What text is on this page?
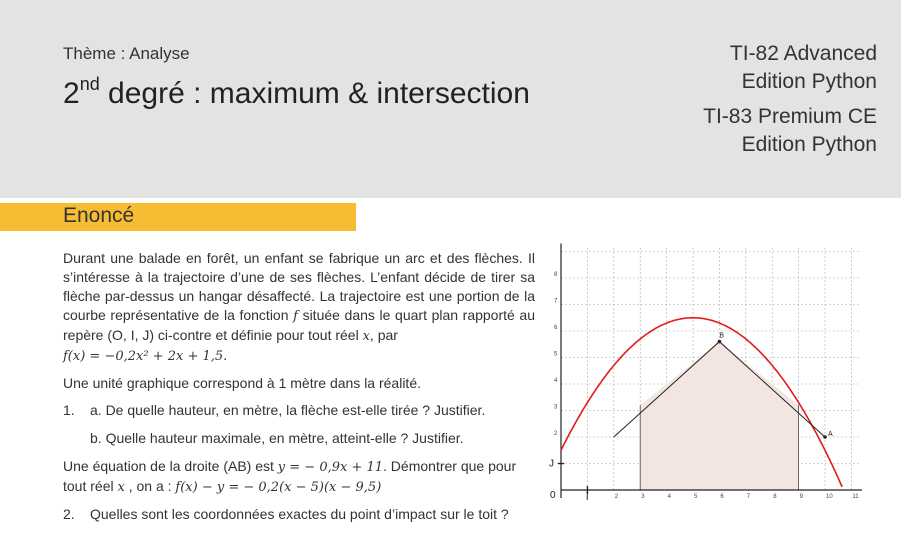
Thème : Analyse
2nd degré : maximum & intersection
TI-82 Advanced
Edition Python
TI-83 Premium CE
Edition Python
Enoncé

Durant une balade en forêt, un enfant se fabrique un arc et des flèches. Il s’intéresse à la trajectoire d’une de ses flèches. L’enfant décide de tirer sa flèche par-dessus un hangar désaffecté. La trajectoire est une portion de la courbe représentative de la fonction f située dans le quart plan rapporté au repère (O, I, J) ci-contre et définie pour tout réel x, par
f(x) = −0,2x² + 2x + 1,5.

Une unité graphique correspond à 1 mètre dans la réalité.

1.	a. De quelle hauteur, en mètre, la flèche est-elle tirée ? Justifier.
b. Quelle hauteur maximale, en mètre, atteint-elle ? Justifier.

Une équation de la droite (AB) est y = − 0,9x + 11. Démontrer que pour tout réel x , on a : f(x) − y = − 0,2(x − 5)(x − 9,5)

2.	Quelles sont les coordonnées exactes du point d’impact sur le toit ?
B
A
2
3
4
5
6
7
8
2	3	4	5	6	7	8	9	10	11
0	I
J
